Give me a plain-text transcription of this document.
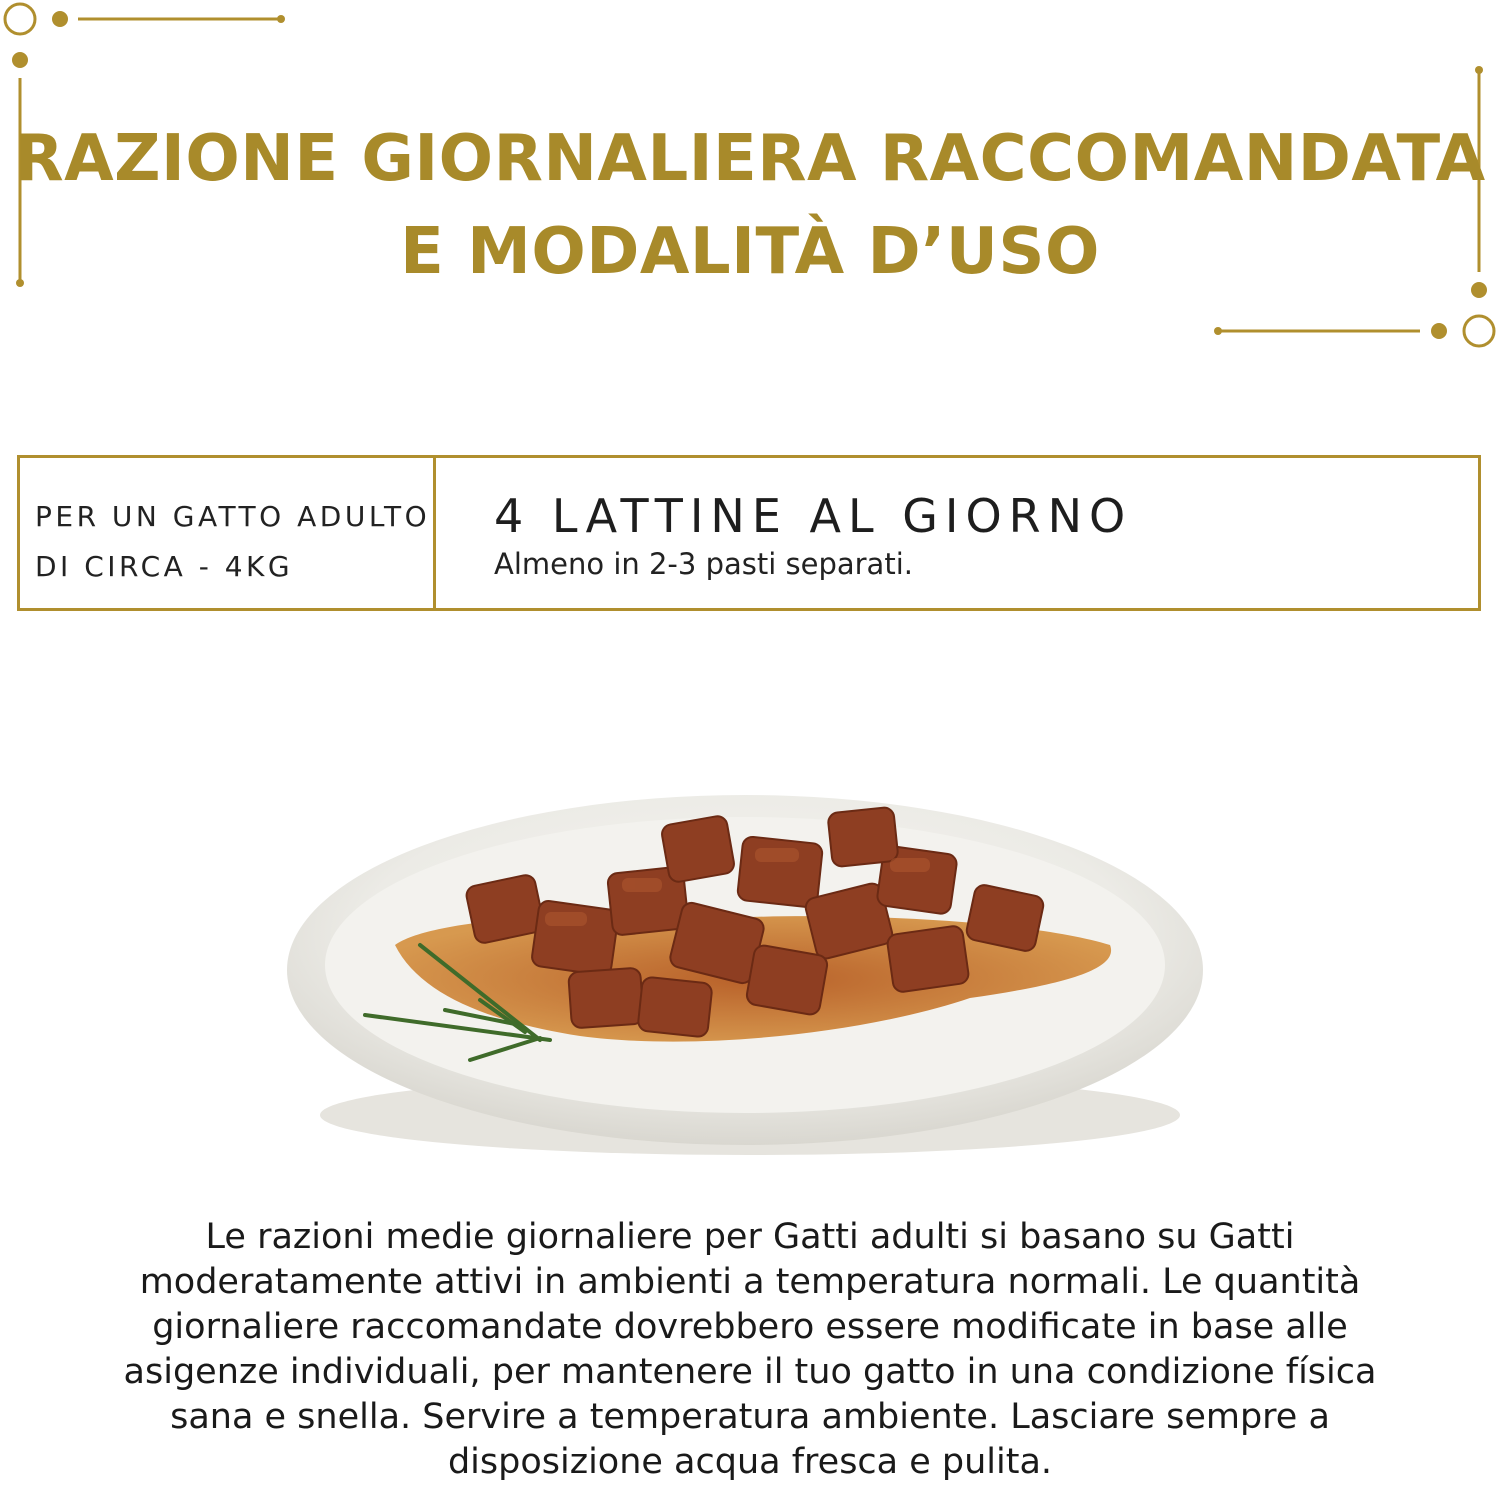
RAZIONE GIORNALIERA RACCOMANDATA
E MODALITÀ D’USO
PER UN GATTO ADULTO
DI CIRCA - 4KG
4 LATTINE AL GIORNO
Almeno in 2-3 pasti separati.

Le razioni medie giornaliere per Gatti adulti si basano su Gatti moderatamente attivi in ambienti a temperatura normali. Le quantità giornaliere raccomandate dovrebbero essere modificate in base alle asigenze individuali, per mantenere il tuo gatto in una condizione física sana e snella. Servire a temperatura ambiente. Lasciare sempre a disposizione acqua fresca e pulita.
